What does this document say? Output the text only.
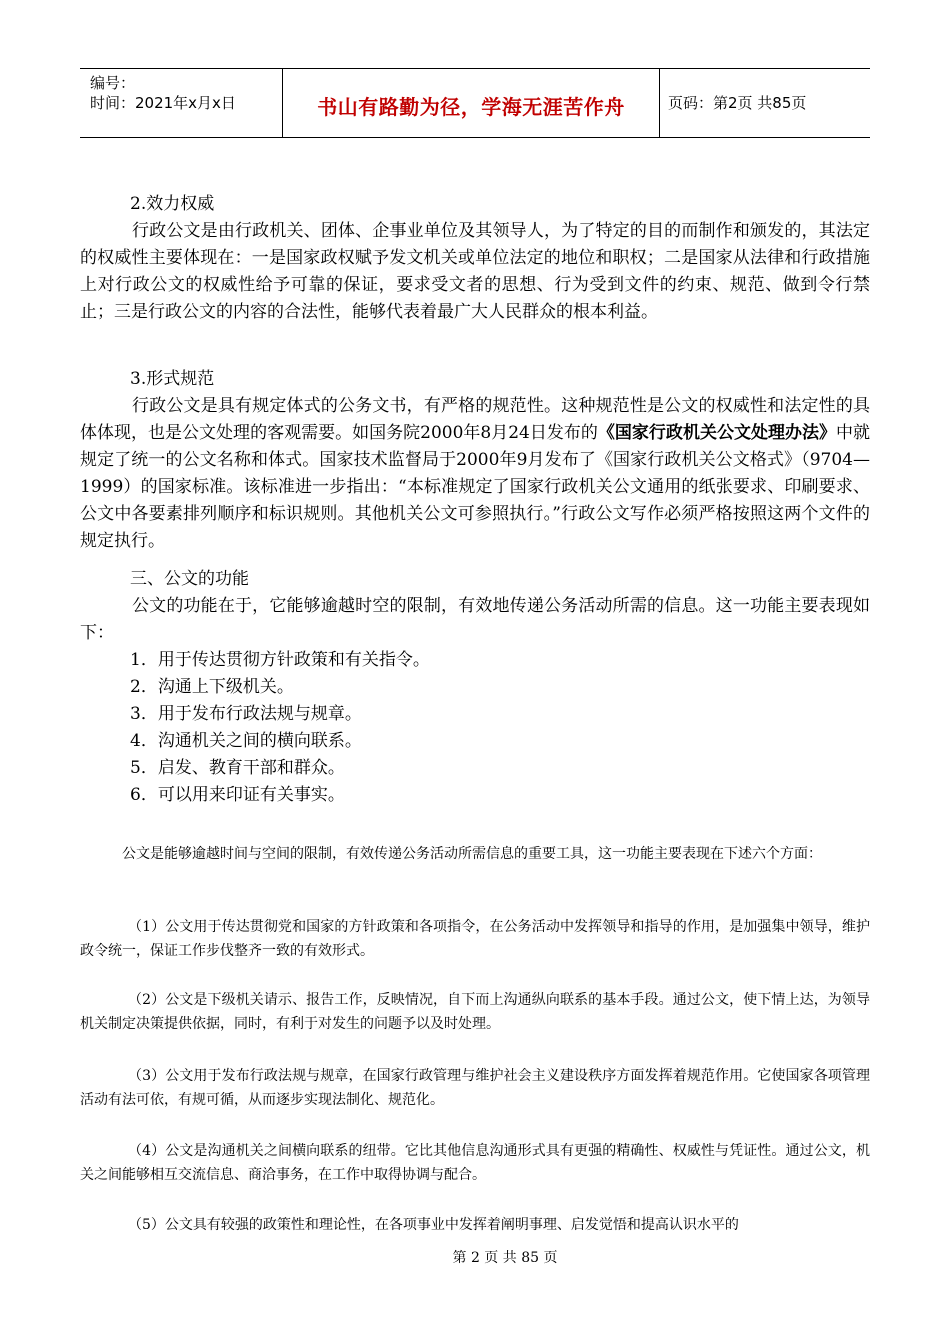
编号：
时间：2021年x月x日	书山有路勤为径，学海无涯苦作舟	页码：第2页 共85页

2.效力权威

行政公文是由行政机关、团体、企事业单位及其领导人，为了特定的目的而制作和颁发的，其法定的权威性主要体现在：一是国家政权赋予发文机关或单位法定的地位和职权；二是国家从法律和行政措施上对行政公文的权威性给予可靠的保证，要求受文者的思想、行为受到文件的约束、规范、做到令行禁止；三是行政公文的内容的合法性，能够代表着最广大人民群众的根本利益。

3.形式规范

行政公文是具有规定体式的公务文书，有严格的规范性。这种规范性是公文的权威性和法定性的具体体现，也是公文处理的客观需要。如国务院2000年8月24日发布的《国家行政机关公文处理办法》中就规定了统一的公文名称和体式。国家技术监督局于2000年9月发布了《国家行政机关公文格式》（9704—1999）的国家标准。该标准进一步指出：“本标准规定了国家行政机关公文通用的纸张要求、印刷要求、公文中各要素排列顺序和标识规则。其他机关公文可参照执行。”行政公文写作必须严格按照这两个文件的规定执行。

三、公文的功能

公文的功能在于，它能够逾越时空的限制，有效地传递公务活动所需的信息。这一功能主要表现如下：

1．用于传达贯彻方针政策和有关指令。

2．沟通上下级机关。

3．用于发布行政法规与规章。

4．沟通机关之间的横向联系。

5．启发、教育干部和群众。

6．可以用来印证有关事实。

公文是能够逾越时间与空间的限制，有效传递公务活动所需信息的重要工具，这一功能主要表现在下述六个方面：

（1）公文用于传达贯彻党和国家的方针政策和各项指令，在公务活动中发挥领导和指导的作用，是加强集中领导，维护政令统一，保证工作步伐整齐一致的有效形式。

（2）公文是下级机关请示、报告工作，反映情况，自下而上沟通纵向联系的基本手段。通过公文，使下情上达，为领导机关制定决策提供依据，同时，有利于对发生的问题予以及时处理。

（3）公文用于发布行政法规与规章，在国家行政管理与维护社会主义建设秩序方面发挥着规范作用。它使国家各项管理活动有法可依，有规可循，从而逐步实现法制化、规范化。

（4）公文是沟通机关之间横向联系的纽带。它比其他信息沟通形式具有更强的精确性、权威性与凭证性。通过公文，机关之间能够相互交流信息、商洽事务，在工作中取得协调与配合。

（5）公文具有较强的政策性和理论性，在各项事业中发挥着阐明事理、启发觉悟和提高认识水平的

第 2 页 共 85 页
